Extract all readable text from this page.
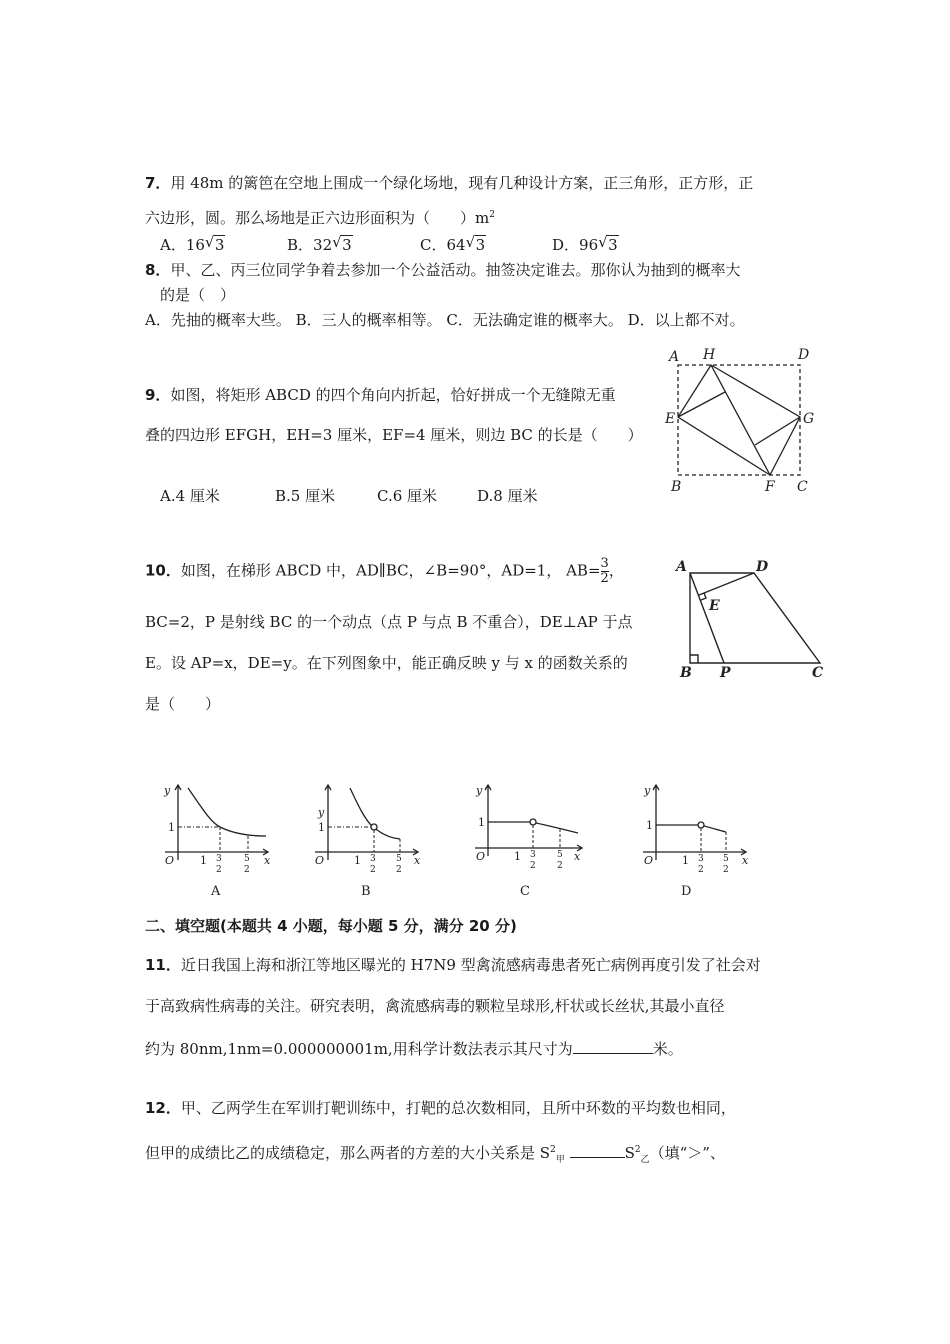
7．用 48m 的篱笆在空地上围成一个绿化场地，现有几种设计方案，正三角形，正方形，正
六边形，圆。那么场地是正六边形面积为（　　）$m^2$
A．16 √ 3	B．32 √ 3	C．64 √ 3	D．96 √ 3
8．甲、乙、丙三位同学争着去参加一个公益活动。抽签决定谁去。那你认为抽到的概率大
的是（　）
A．先抽的概率大些。 B．三人的概率相等。 C．无法确定谁的概率大。 D．以上都不对。
9．如图，将矩形 ABCD 的四个角向内折起，恰好拼成一个无缝隙无重
叠的四边形 EFGH，EH=3 厘米，EF=4 厘米，则边 BC 的长是（　　）
A.4 厘米	B.5 厘米	C.6 厘米	D.8 厘米
A H	D
E	G
B	F C
10．如图，在梯形 ABCD 中，AD∥BC，∠B=90°，AD=1， $AB= \frac{3}{2}$ ，
BC=2，P 是射线 BC 的一个动点（点 P 与点 B 不重合），DE⊥AP 于点
E。设 AP=x，DE=y。在下列图象中，能正确反映 y 与 x 的函数关系的
是（　　）
A	D
E
B P	C
y
x
O
1
1 3
2
5
2
A
y
x
O
1
1 3
2
5
2
B
y
x
O
1
1 3
2
5
2
C
y
x
O
1
1 3
2
5
2
D
二、填空题(本题共 4 小题，每小题 5 分，满分 20 分)
11．近日我国上海和浙江等地区曝光的 H7N9 型禽流感病毒患者死亡病例再度引发了社会对
于高致病性病毒的关注。研究表明，禽流感病毒的颗粒呈球形,杆状或长丝状,其最小直径
约为 80nm,1nm=0.000000001m,用科学计数法表示其尺寸为	米。
12．甲、乙两学生在军训打靶训练中，打靶的总次数相同，且所中环数的平均数也相同，
但甲的成绩比乙的成绩稳定，那么两者的方差的大小关系是 $S^2_甲$	$S^2_乙$（填“＞”、
